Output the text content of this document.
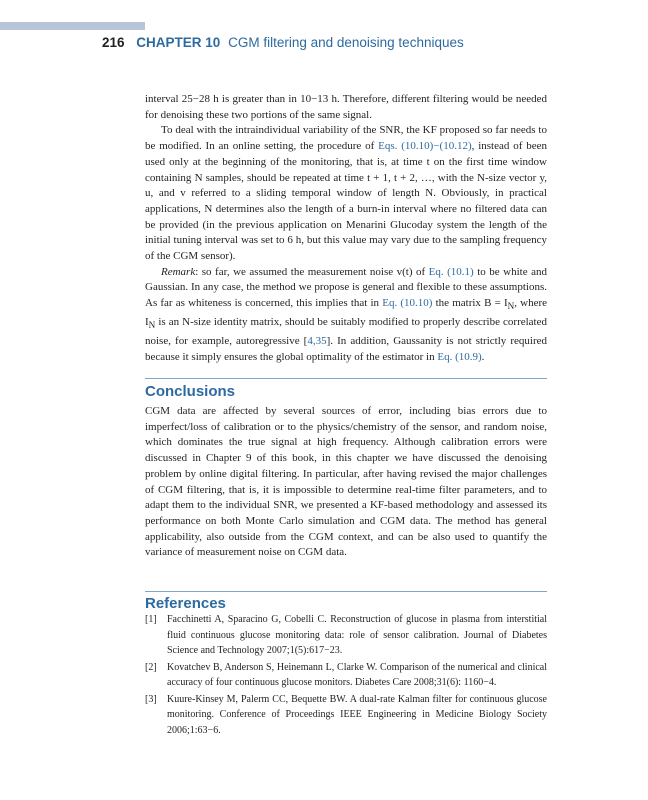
216 CHAPTER 10 CGM filtering and denoising techniques

interval 25−28 h is greater than in 10−13 h. Therefore, different filtering would be needed for denoising these two portions of the same signal.

To deal with the intraindividual variability of the SNR, the KF proposed so far needs to be modified. In an online setting, the procedure of Eqs. (10.10)−(10.12), instead of been used only at the beginning of the monitoring, that is, at time t on the first time window containing N samples, should be repeated at time t + 1, t + 2, …, with the N-size vector y, u, and v referred to a sliding temporal window of length N. Obviously, in practical applications, N determines also the length of a burn-in interval where no filtered data can be provided (in the previous application on Menarini Glucoday system the length of the initial tuning interval was set to 6 h, but this value may vary due to the sampling frequency of the CGM sensor).

Remark: so far, we assumed the measurement noise v(t) of Eq. (10.1) to be white and Gaussian. In any case, the method we propose is general and flexible to these assumptions. As far as whiteness is concerned, this implies that in Eq. (10.10) the matrix $B = I_N$, where $I_N$ is an N-size identity matrix, should be suitably modified to properly describe correlated noise, for example, autoregressive [4,35]. In addition, Gaussanity is not strictly required because it simply ensures the global optimality of the estimator in Eq. (10.9).

Conclusions

CGM data are affected by several sources of error, including bias errors due to imperfect/loss of calibration or to the physics/chemistry of the sensor, and random noise, which dominates the true signal at high frequency. Although calibration errors were discussed in Chapter 9 of this book, in this chapter we have discussed the denoising problem by online digital filtering. In particular, after having revised the major challenges of CGM filtering, that is, it is impossible to determine real-time filter parameters, and to adapt them to the individual SNR, we presented a KF-based methodology and assessed its performance on both Monte Carlo simulation and CGM data. The method has general applicability, also outside from the CGM context, and can be also used to quantify the variance of measurement noise on CGM data.

References
[1]	Facchinetti A, Sparacino G, Cobelli C. Reconstruction of glucose in plasma from interstitial fluid continuous glucose monitoring data: role of sensor calibration. Journal of Diabetes Science and Technology 2007;1(5):617−23.
[2]	Kovatchev B, Anderson S, Heinemann L, Clarke W. Comparison of the numerical and clinical accuracy of four continuous glucose monitors. Diabetes Care 2008;31(6): 1160−4.
[3]	Kuure-Kinsey M, Palerm CC, Bequette BW. A dual-rate Kalman filter for continuous glucose monitoring. Conference of Proceedings IEEE Engineering in Medicine Biology Society 2006;1:63−6.
